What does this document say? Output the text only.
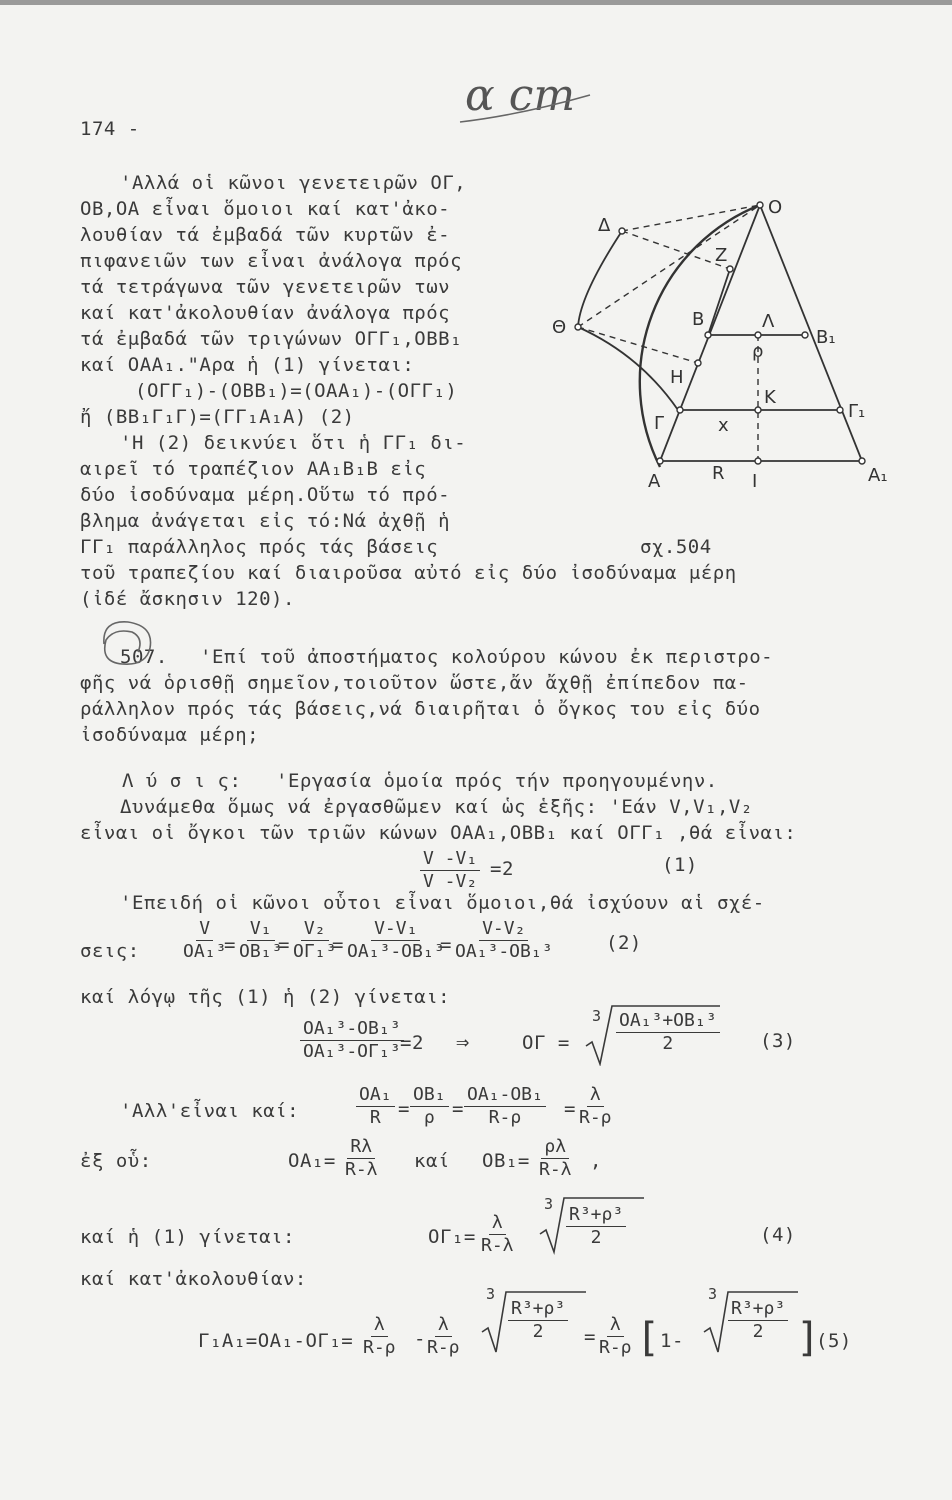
174 -
α cm
'Αλλά οἱ κῶνοι γενετειρῶν ΟΓ,
ΟΒ,ΟΑ εἶναι ὅμοιοι καί κατ'ἀκο-
λουθίαν τά ἐμβαδά τῶν κυρτῶν ἐ-
πιφανειῶν των εἶναι ἀνάλογα πρός
τά τετράγωνα τῶν γενετειρῶν των
καί κατ'ἀκολουθίαν ἀνάλογα πρός
τά ἐμβαδά τῶν τριγώνων ΟΓΓ₁,ΟΒΒ₁
καί ΟΑΑ₁."Αρα ἡ (1) γίνεται:
(ΟΓΓ₁)-(ΟΒΒ₁)=(ΟΑΑ₁)-(ΟΓΓ₁)
ἤ (ΒΒ₁Γ₁Γ)=(ΓΓ₁Α₁Α) (2)
'Η (2) δεικνύει ὅτι ἡ ΓΓ₁ δι-
αιρεῖ τό τραπέζιον ΑΑ₁Β₁Β εἰς
δύο ἰσοδύναμα μέρη.Οὕτω τό πρό-
βλημα ἀνάγεται εἰς τό:Νά ἀχθῇ ἡ
ΓΓ₁ παράλληλος πρός τάς βάσεις	σχ.504
τοῦ τραπεζίου καί διαιροῦσα αὐτό εἰς δύο ἰσοδύναμα μέρη
(ἰδέ ἄσκησιν 120).
O
Δ
Z
Θ	B	Λ
B₁
ρ
H
K
Γ
Γ₁
x
A	R I	A₁
507. 'Επί τοῦ ἀποστήματος κολούρου κώνου ἐκ περιστρο-
φῆς νά ὁρισθῇ σημεῖον,τοιοῦτον ὥστε,ἄν ἄχθῇ ἐπίπεδον πα-
ράλληλον πρός τάς βάσεις,νά διαιρῆται ὁ ὄγκος του εἰς δύο
ἰσοδύναμα μέρη;
Λ ύ σ ι ς: 'Εργασία ὁμοία πρός τήν προηγουμένην.
Δυνάμεθα ὅμως νά ἐργασθῶμεν καί ὡς ἑξῆς: 'Εάν V,V₁,V₂
εἶναι οἱ ὄγκοι τῶν τριῶν κώνων ΟΑΑ₁,ΟΒΒ₁ καί ΟΓΓ₁ ,θά εἶναι:
$\frac{\text{V -V₁}}{\text{V -V₂}} =2$	(1)
'Επειδή οἱ κῶνοι οὗτοι εἶναι ὅμοιοι,θά ἰσχύουν αἱ σχέ-
σεις: $\frac{V}{\text{ΟΑ₁³}}$
= $\frac{\text{V₁}}{\text{ΟΒ₁³}}$
= $\frac{\text{V₂}}{\text{ΟΓ₁³}}$
= $\frac{\text{V-V₁}}{\text{ΟΑ₁³-ΟΒ₁³}}$
= $\frac{\text{V-V₂}}{\text{ΟΑ₁³-ΟΒ₁³}}$	(2)
καί λόγῳ τῆς (1) ἡ (2) γίνεται:
$\frac{\text{ΟΑ₁³-ΟΒ₁³}}{\text{ΟΑ₁³-ΟΓ₁³}}$
=2 ⇒	ΟΓ =
$3 \frac{\text{ΟΑ₁³+ΟΒ₁³}}{2} (3)$
'Αλλ'εἶναι καί:	$\frac{\text{ΟΑ₁}}{R} = \frac{\text{ΟΒ₁}}{\rho} = \frac{\text{ΟΑ₁-ΟΒ₁}}{R-\rho} = \frac{\lambda}{R-\rho}$
ἐξ οὗ:	$OA_1= \frac{R\lambda}{R-\lambda}$ καί $OB_1= \frac{\rho\lambda}{R-\lambda}$ ,
καί ἡ (1) γίνεται:	$O\Gamma_1= \frac{\lambda}{R-\lambda}$
$3 \frac{\text{R³+ρ³}}{2}$	(4)
καί κατ'ἀκολουθίαν:
$\Gamma_1A_1=OA_1-O\Gamma_1= \frac{\lambda}{R-\rho}$ -
$\frac{\lambda}{R-\rho}$
3
$\frac{\text{R³+ρ³}}{2} = \frac{\lambda}{R-\rho}$ [ 1-
3
$\frac{\text{R³+ρ³}}{2}$ ]
(5)
